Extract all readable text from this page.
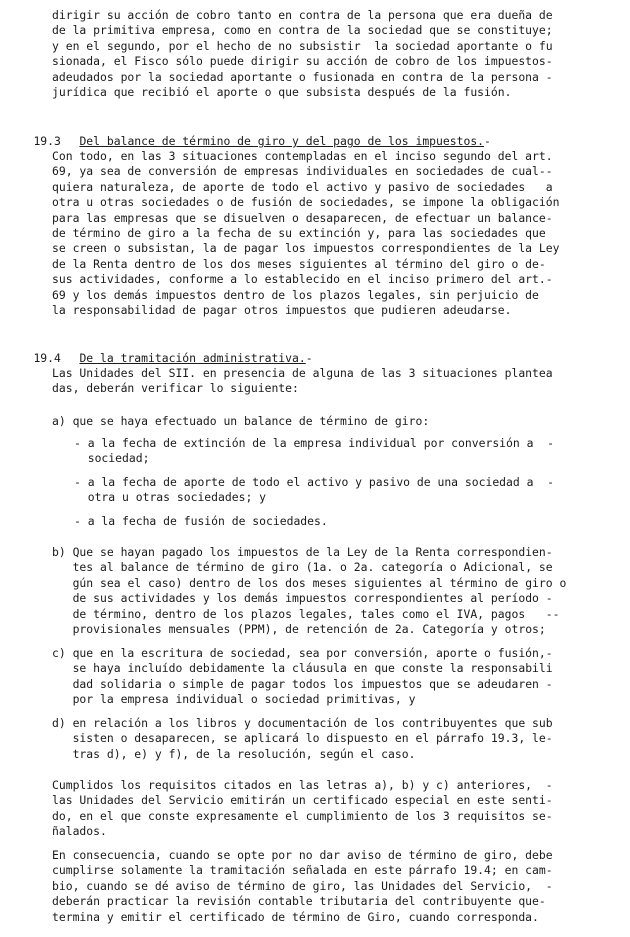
dirigir su acción de cobro tanto en contra de la persona que era dueña de
de la primitiva empresa, como en contra de la sociedad que se constituye;
y en el segundo, por el hecho de no subsistir  la sociedad aportante o fu
sionada, el Fisco sólo puede dirigir su acción de cobro de los impuestos-
adeudados por la sociedad aportante o fusionada en contra de la persona -
jurídica que recibió el aporte o que subsista después de la fusión.

19.3 Del balance de término de giro y del pago de los impuestos.-

Con todo, en las 3 situaciones contempladas en el inciso segundo del art.
69, ya sea de conversión de empresas individuales en sociedades de cual--
quiera naturaleza, de aporte de todo el activo y pasivo de sociedades   a
otra u otras sociedades o de fusión de sociedades, se impone la obligación
para las empresas que se disuelven o desaparecen, de efectuar un balance-
de término de giro a la fecha de su extinción y, para las sociedades que
se creen o subsistan, la de pagar los impuestos correspondientes de la Ley
de la Renta dentro de los dos meses siguientes al término del giro o de-
sus actividades, conforme a lo establecido en el inciso primero del art.-
69 y los demás impuestos dentro de los plazos legales, sin perjuicio de
la responsabilidad de pagar otros impuestos que pudieren adeudarse.

19.4 De la tramitación administrativa.-

Las Unidades del SII. en presencia de alguna de las 3 situaciones plantea
das, deberán verificar lo siguiente:
a) que se haya efectuado un balance de término de giro:
- a la fecha de extinción de la empresa individual por conversión a  -
sociedad;
- a la fecha de aporte de todo el activo y pasivo de una sociedad a  -
otra u otras sociedades; y
- a la fecha de fusión de sociedades.
b) Que se hayan pagado los impuestos de la Ley de la Renta correspondien-
tes al balance de término de giro (1a. o 2a. categoría o Adicional, se
gún sea el caso) dentro de los dos meses siguientes al término de giro o
de sus actividades y los demás impuestos correspondientes al período -
de término, dentro de los plazos legales, tales como el IVA, pagos   --
provisionales mensuales (PPM), de retención de 2a. Categoría y otros;
c) que en la escritura de sociedad, sea por conversión, aporte o fusión,-
se haya incluído debidamente la cláusula en que conste la responsabili
dad solidaria o simple de pagar todos los impuestos que se adeudaren -
por la empresa individual o sociedad primitivas, y
d) en relación a los libros y documentación de los contribuyentes que sub
sisten o desaparecen, se aplicará lo dispuesto en el párrafo 19.3, le-
tras d), e) y f), de la resolución, según el caso.
Cumplidos los requisitos citados en las letras a), b) y c) anteriores,  -
las Unidades del Servicio emitirán un certificado especial en este senti-
do, en el que conste expresamente el cumplimiento de los 3 requisitos se-
ñalados.
En consecuencia, cuando se opte por no dar aviso de término de giro, debe
cumplirse solamente la tramitación señalada en este párrafo 19.4; en cam-
bio, cuando se dé aviso de término de giro, las Unidades del Servicio,  -
deberán practicar la revisión contable tributaria del contribuyente que-
termina y emitir el certificado de término de Giro, cuando corresponda.
